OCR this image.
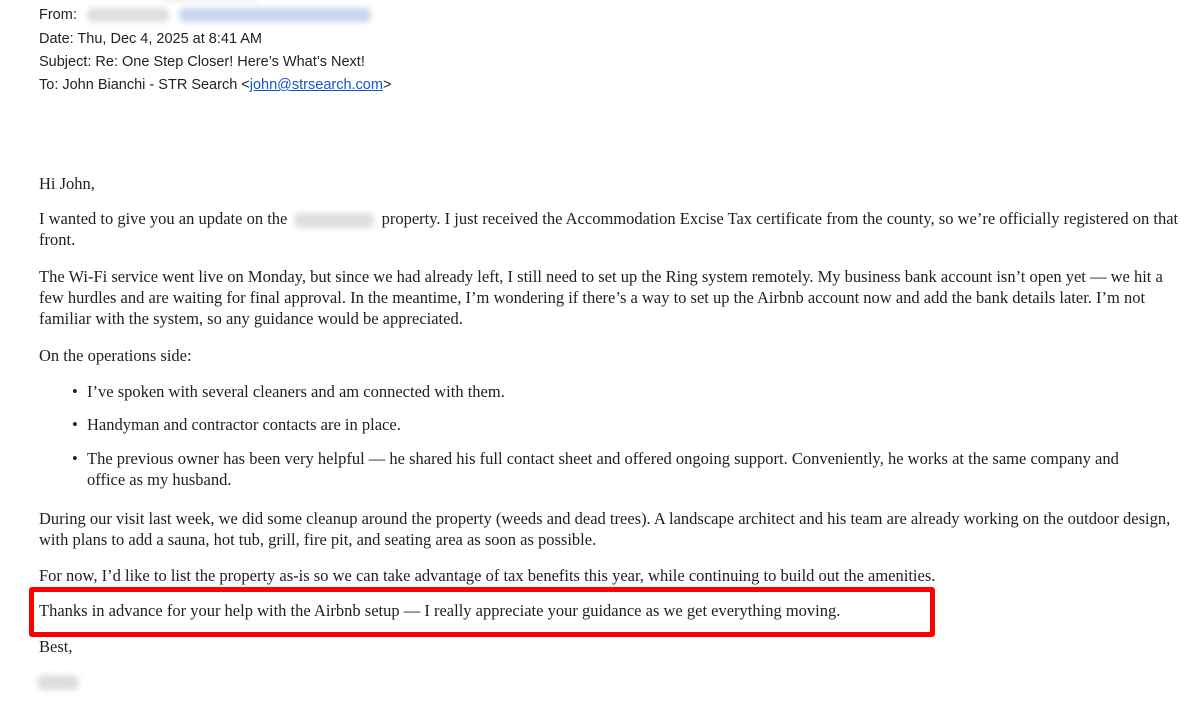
From:
Date: Thu, Dec 4, 2025 at 8:41 AM
Subject: Re: One Step Closer! Here’s What’s Next!
To: John Bianchi - STR Search <john@strsearch.com>
Hi John,
I wanted to give you an update on the	property. I just received the Accommodation Excise Tax certificate from the county, so we’re officially registered on that front.
The Wi-Fi service went live on Monday, but since we had already left, I still need to set up the Ring system remotely. My business bank account isn’t open yet — we hit a few hurdles and are waiting for final approval. In the meantime, I’m wondering if there’s a way to set up the Airbnb account now and add the bank details later. I’m not familiar with the system, so any guidance would be appreciated.
On the operations side:
• I’ve spoken with several cleaners and am connected with them.
• Handyman and contractor contacts are in place.
• The previous owner has been very helpful — he shared his full contact sheet and offered ongoing support. Conveniently, he works at the same company and office as my husband.
During our visit last week, we did some cleanup around the property (weeds and dead trees). A landscape architect and his team are already working on the outdoor design, with plans to add a sauna, hot tub, grill, fire pit, and seating area as soon as possible.
For now, I’d like to list the property as-is so we can take advantage of tax benefits this year, while continuing to build out the amenities.
Thanks in advance for your help with the Airbnb setup — I really appreciate your guidance as we get everything moving.
Best,
